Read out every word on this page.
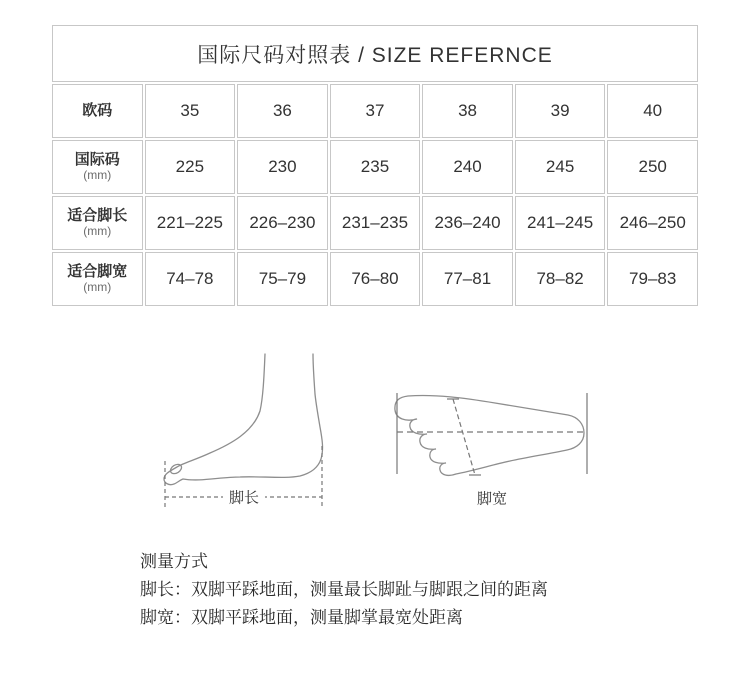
国际尺码对照表 / SIZE REFERNCE						

欧码	35	36	37	38	39	40

国际码
(mm)	225	230	235	240	245	250

适合脚长
(mm)	221–225	226–230	231–235	236–240	241–245	246–250

适合脚宽
(mm)	74–78	75–79	76–80	77–81	78–82	79–83
脚长	脚宽
测量方式
脚长：双脚平踩地面，测量最长脚趾与脚跟之间的距离
脚宽：双脚平踩地面，测量脚掌最宽处距离
